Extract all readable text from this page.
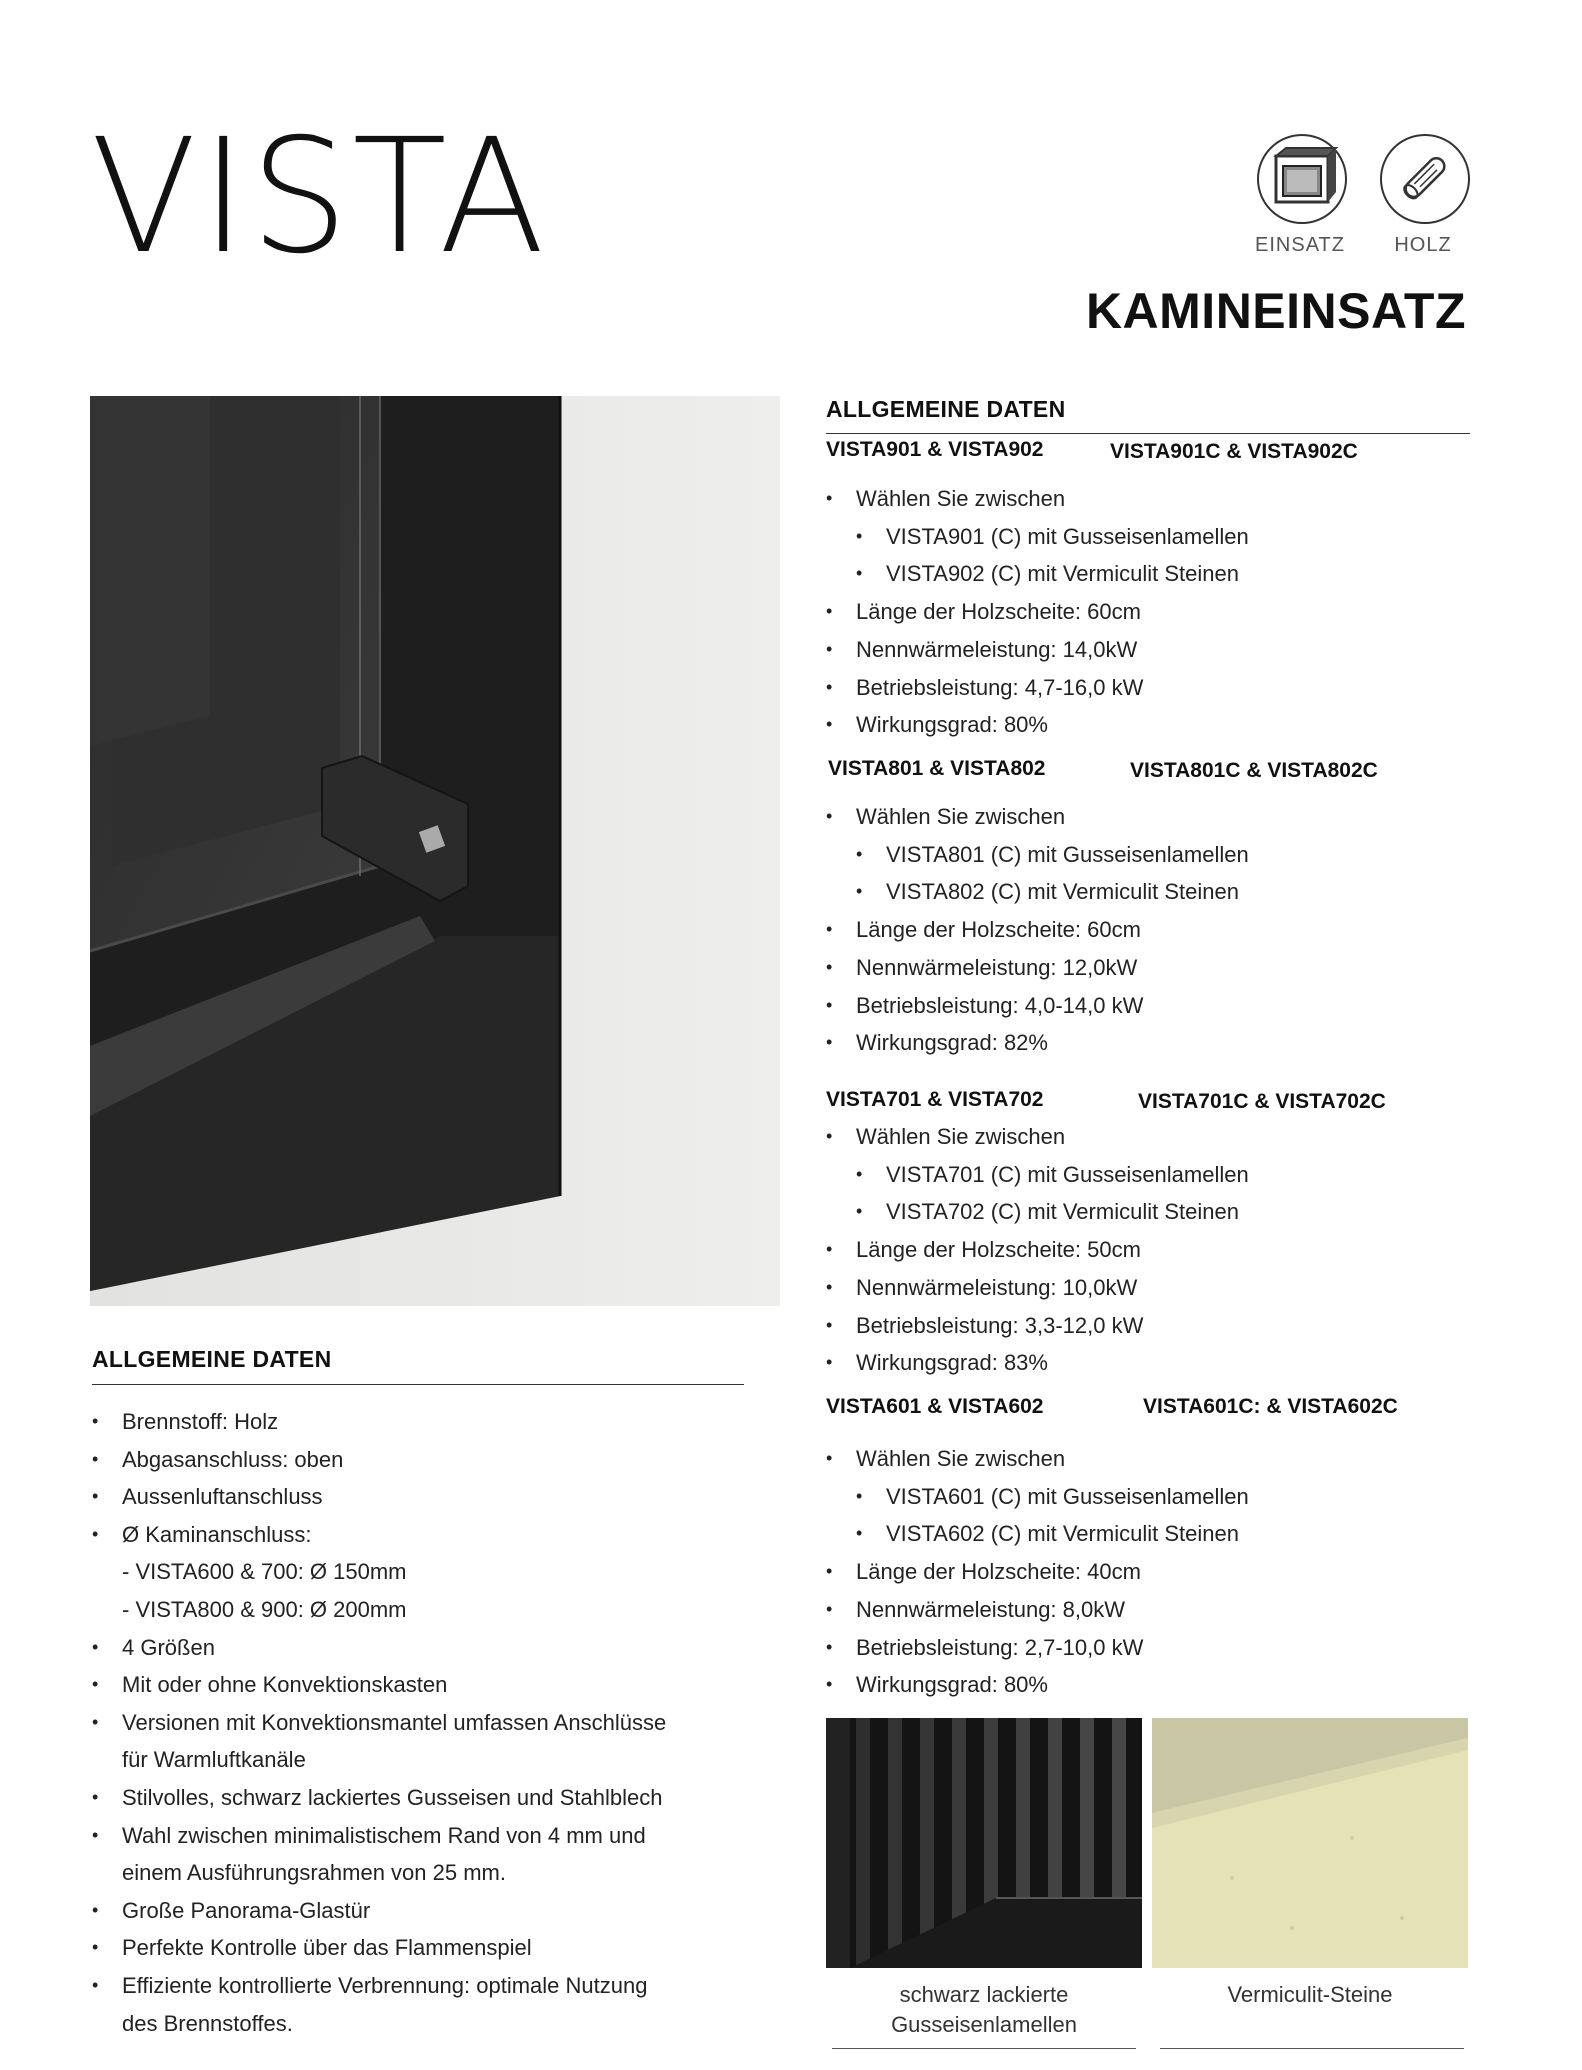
VISTA	EINSATZ	HOLZ
KAMINEINSATZ
ALLGEMEINE DATEN
• Brennstoff: Holz
• Abgasanschluss: oben
• Aussenluftanschluss
• Ø Kaminanschluss:
- VISTA600 & 700: Ø 150mm
- VISTA800 & 900: Ø 200mm
• 4 Größen
• Mit oder ohne Konvektionskasten
• Versionen mit Konvektionsmantel umfassen Anschlüsse
für Warmluftkanäle
• Stilvolles, schwarz lackiertes Gusseisen und Stahlblech
• Wahl zwischen minimalistischem Rand von 4 mm und
einem Ausführungsrahmen von 25 mm.
• Große Panorama-Glastür
• Perfekte Kontrolle über das Flammenspiel
• Effiziente kontrollierte Verbrennung: optimale Nutzung
des Brennstoffes.
ALLGEMEINE DATEN
VISTA901 & VISTA902	VISTA901C & VISTA902C
• Wählen Sie zwischen
• VISTA901 (C) mit Gusseisenlamellen
• VISTA902 (C) mit Vermiculit Steinen
• Länge der Holzscheite: 60cm
• Nennwärmeleistung: 14,0kW
• Betriebsleistung: 4,7-16,0 kW
• Wirkungsgrad: 80%
VISTA801 & VISTA802	VISTA801C & VISTA802C
• Wählen Sie zwischen
• VISTA801 (C) mit Gusseisenlamellen
• VISTA802 (C) mit Vermiculit Steinen
• Länge der Holzscheite: 60cm
• Nennwärmeleistung: 12,0kW
• Betriebsleistung: 4,0-14,0 kW
• Wirkungsgrad: 82%
VISTA701 & VISTA702	VISTA701C & VISTA702C
• Wählen Sie zwischen
• VISTA701 (C) mit Gusseisenlamellen
• VISTA702 (C) mit Vermiculit Steinen
• Länge der Holzscheite: 50cm
• Nennwärmeleistung: 10,0kW
• Betriebsleistung: 3,3-12,0 kW
• Wirkungsgrad: 83%
VISTA601 & VISTA602	VISTA601C: & VISTA602C
• Wählen Sie zwischen
• VISTA601 (C) mit Gusseisenlamellen
• VISTA602 (C) mit Vermiculit Steinen
• Länge der Holzscheite: 40cm
• Nennwärmeleistung: 8,0kW
• Betriebsleistung: 2,7-10,0 kW
• Wirkungsgrad: 80%
schwarz lackierte
Gusseisenlamellen
Vermiculit-Steine
